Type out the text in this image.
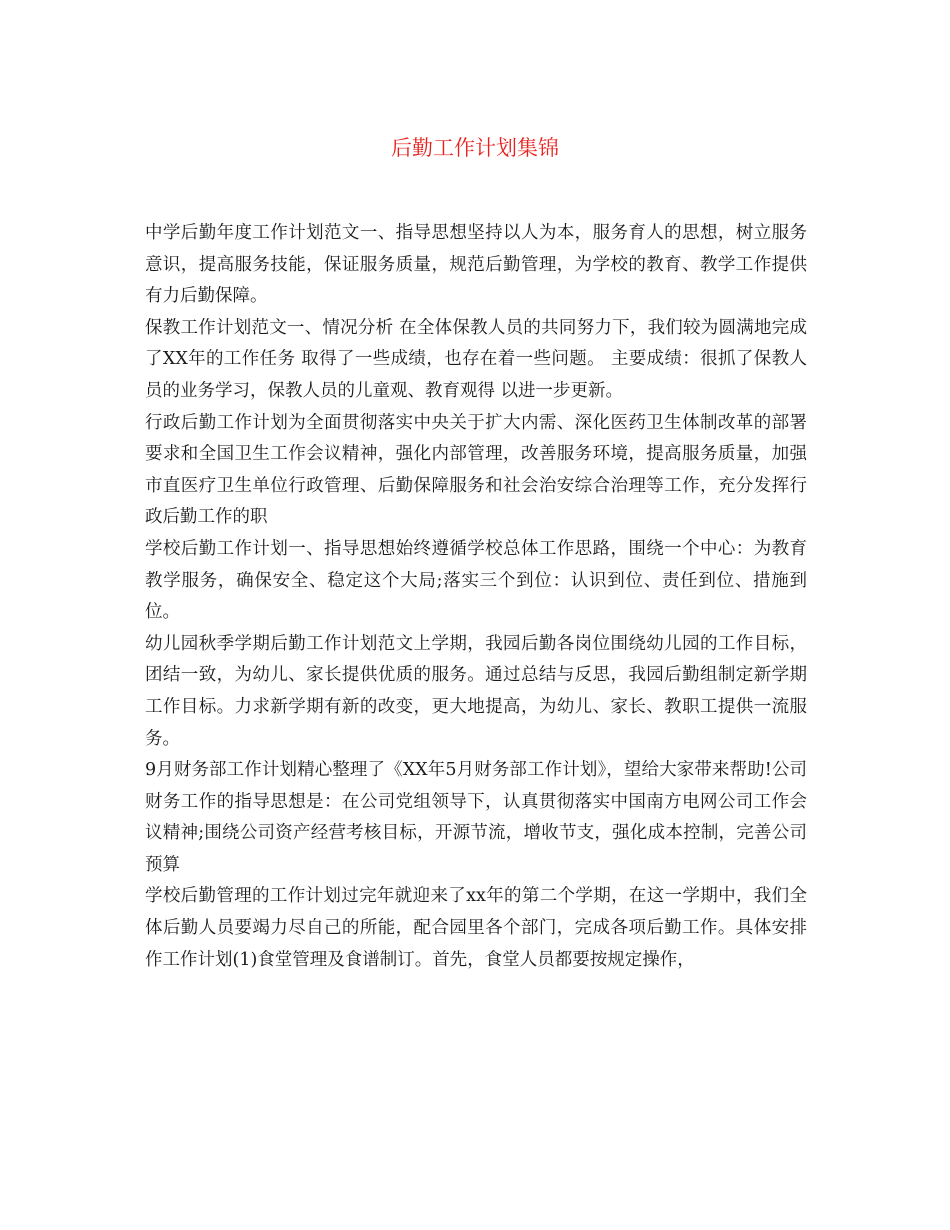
后勤工作计划集锦

中学后勤年度工作计划范文一、指导思想坚持以人为本，服务育人的思想，树立服务意识，提高服务技能，保证服务质量，规范后勤管理，为学校的教育、教学工作提供有力后勤保障。

保教工作计划范文一、情况分析 在全体保教人员的共同努力下，我们较为圆满地完成了XX年的工作任务 取得了一些成绩，也存在着一些问题。 主要成绩：很抓了保教人员的业务学习，保教人员的儿童观、教育观得 以进一步更新。

行政后勤工作计划为全面贯彻落实中央关于扩大内需、深化医药卫生体制改革的部署要求和全国卫生工作会议精神，强化内部管理，改善服务环境，提高服务质量，加强市直医疗卫生单位行政管理、后勤保障服务和社会治安综合治理等工作，充分发挥行政后勤工作的职

学校后勤工作计划一、指导思想始终遵循学校总体工作思路，围绕一个中心：为教育教学服务，确保安全、稳定这个大局;落实三个到位：认识到位、责任到位、措施到位。

幼儿园秋季学期后勤工作计划范文上学期，我园后勤各岗位围绕幼儿园的工作目标，团结一致，为幼儿、家长提供优质的服务。通过总结与反思，我园后勤组制定新学期工作目标。力求新学期有新的改变，更大地提高，为幼儿、家长、教职工提供一流服务。

9月财务部工作计划精心整理了《XX年5月财务部工作计划》，望给大家带来帮助!公司财务工作的指导思想是：在公司党组领导下，认真贯彻落实中国南方电网公司工作会议精神;围绕公司资产经营考核目标，开源节流，增收节支，强化成本控制，完善公司预算

学校后勤管理的工作计划过完年就迎来了xx年的第二个学期，在这一学期中，我们全体后勤人员要竭力尽自己的所能，配合园里各个部门，完成各项后勤工作。具体安排作工作计划(1)食堂管理及食谱制订。首先，食堂人员都要按规定操作，
